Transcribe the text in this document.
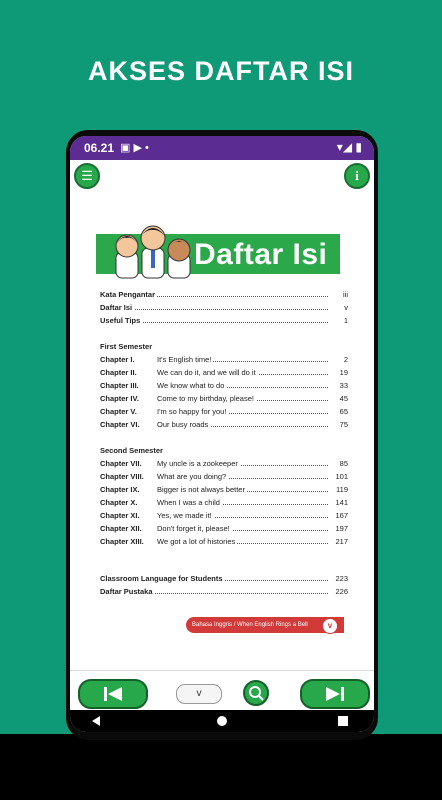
AKSES DAFTAR ISI
06.21 ▣ ▶ •	▾◢ ▮
☰	i
Daftar Isi
Kata Pengantar	iii
Daftar Isi	v
Useful Tips	1
First Semester
Chapter I.	It's English time!	2
Chapter II.	We can do it, and we will do it	19
Chapter III. We know what to do	33
Chapter IV. Come to my birthday, please!	45
Chapter V.	I'm so happy for you!	65
Chapter VI. Our busy roads	75
Second Semester
Chapter VII. My uncle is a zookeeper	85
Chapter VIII. What are you doing?	101
Chapter IX. Bigger is not always better	119
Chapter X.	When I was a child	141
Chapter XI. Yes, we made it!	167
Chapter XII. Don't forget it, please!	197
Chapter XIII. We got a lot of histories	217
Classroom Language for Students	223
Daftar Pustaka	226
Bahasa Inggris / When English Rings a Bell	v
v
